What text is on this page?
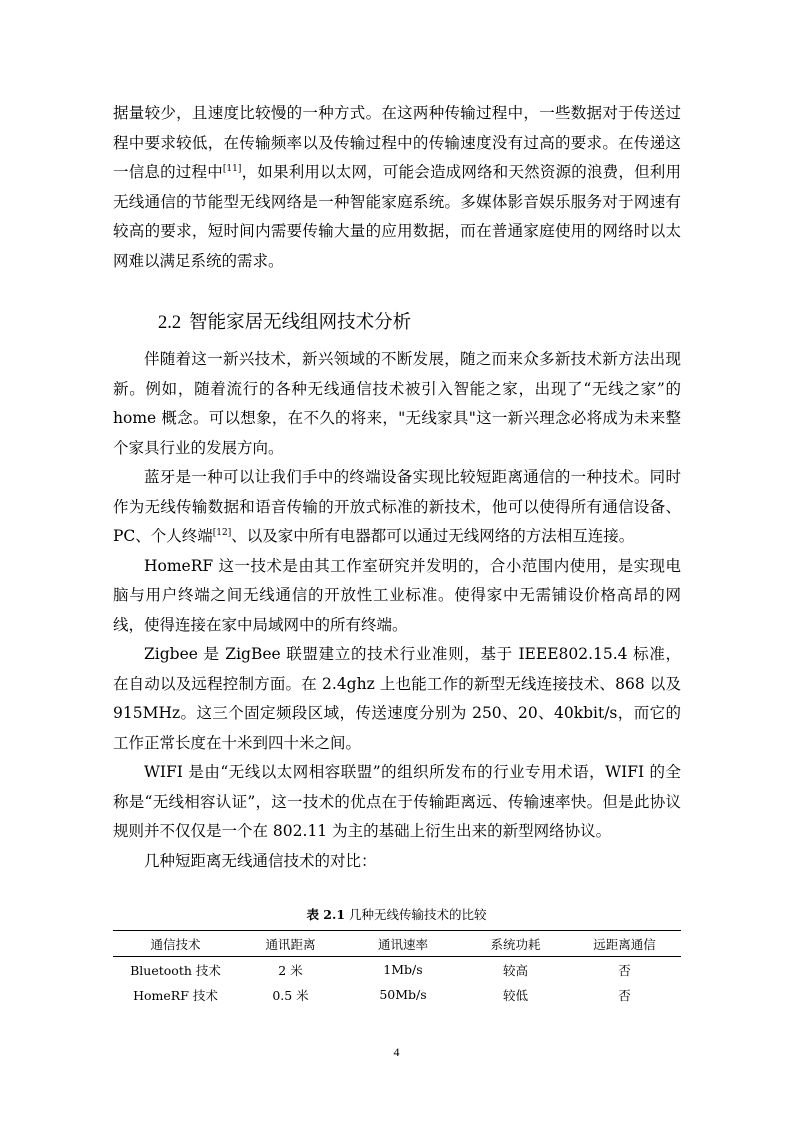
据量较少，且速度比较慢的一种方式。在这两种传输过程中，一些数据对于传送过程中要求较低，在传输频率以及传输过程中的传输速度没有过高的要求。在传递这一信息的过程中[11]，如果利用以太网，可能会造成网络和天然资源的浪费，但利用无线通信的节能型无线网络是一种智能家庭系统。多媒体影音娱乐服务对于网速有较高的要求，短时间内需要传输大量的应用数据，而在普通家庭使用的网络时以太网难以满足系统的需求。

2.2 智能家居无线组网技术分析

伴随着这一新兴技术，新兴领域的不断发展，随之而来众多新技术新方法出现新。例如，随着流行的各种无线通信技术被引入智能之家，出现了“无线之家”的 home 概念。可以想象，在不久的将来，"无线家具"这一新兴理念必将成为未来整个家具行业的发展方向。

蓝牙是一种可以让我们手中的终端设备实现比较短距离通信的一种技术。同时作为无线传输数据和语音传输的开放式标准的新技术，他可以使得所有通信设备、PC、个人终端[12]、以及家中所有电器都可以通过无线网络的方法相互连接。

HomeRF 这一技术是由其工作室研究并发明的，合小范围内使用，是实现电脑与用户终端之间无线通信的开放性工业标准。使得家中无需铺设价格高昂的网线，使得连接在家中局域网中的所有终端。

Zigbee 是 ZigBee 联盟建立的技术行业准则，基于 IEEE802.15.4 标准，在自动以及远程控制方面。在 2.4ghz 上也能工作的新型无线连接技术、868 以及 915MHz。这三个固定频段区域，传送速度分别为 250、20、40kbit/s，而它的工作正常长度在十米到四十米之间。

WIFI 是由“无线以太网相容联盟”的组织所发布的行业专用术语，WIFI 的全称是“无线相容认证”，这一技术的优点在于传输距离远、传输速率快。但是此协议规则并不仅仅是一个在 802.11 为主的基础上衍生出来的新型网络协议。

几种短距离无线通信技术的对比：

表 2.1 几种无线传输技术的比较
通信技术	通讯距离	通讯速率	系统功耗	远距离通信
Bluetooth 技术	2 米	1Mb/s	较高	否
HomeRF 技术	0.5 米	50Mb/s	较低	否
4
